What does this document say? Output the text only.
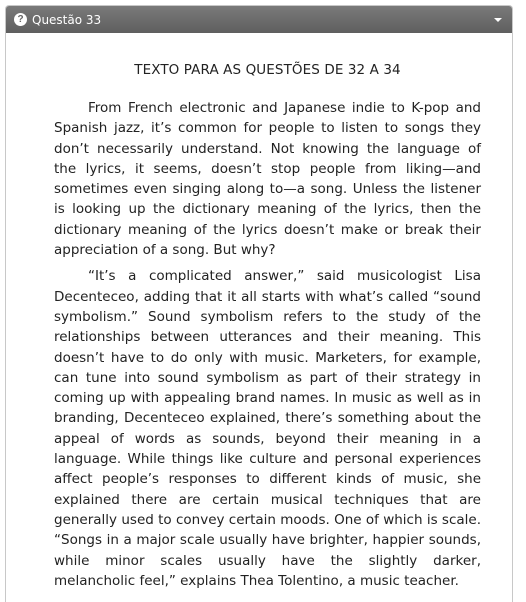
? Questão 33

TEXTO PARA AS QUESTÕES DE 32 A 34

From French electronic and Japanese indie to K-pop and Spanish jazz, it’s common for people to listen to songs they don’t necessarily understand. Not knowing the language of the lyrics, it seems, doesn’t stop people from liking—and sometimes even singing along to—a song. Unless the listener is looking up the dictionary meaning of the lyrics, then the dictionary meaning of the lyrics doesn’t make or break their appreciation of a song. But why?

“It’s a complicated answer,” said musicologist Lisa Decenteceo, adding that it all starts with what’s called “sound symbolism.” Sound symbolism refers to the study of the relationships between utterances and their meaning. This doesn’t have to do only with music. Marketers, for example, can tune into sound symbolism as part of their strategy in coming up with appealing brand names. In music as well as in branding, Decenteceo explained, there’s something about the appeal of words as sounds, beyond their meaning in a language. While things like culture and personal experiences affect people’s responses to different kinds of music, she explained there are certain musical techniques that are generally used to convey certain moods. One of which is scale. “Songs in a major scale usually have brighter, happier sounds, while minor scales usually have the slightly darker, melancholic feel,” explains Thea Tolentino, a music teacher.
